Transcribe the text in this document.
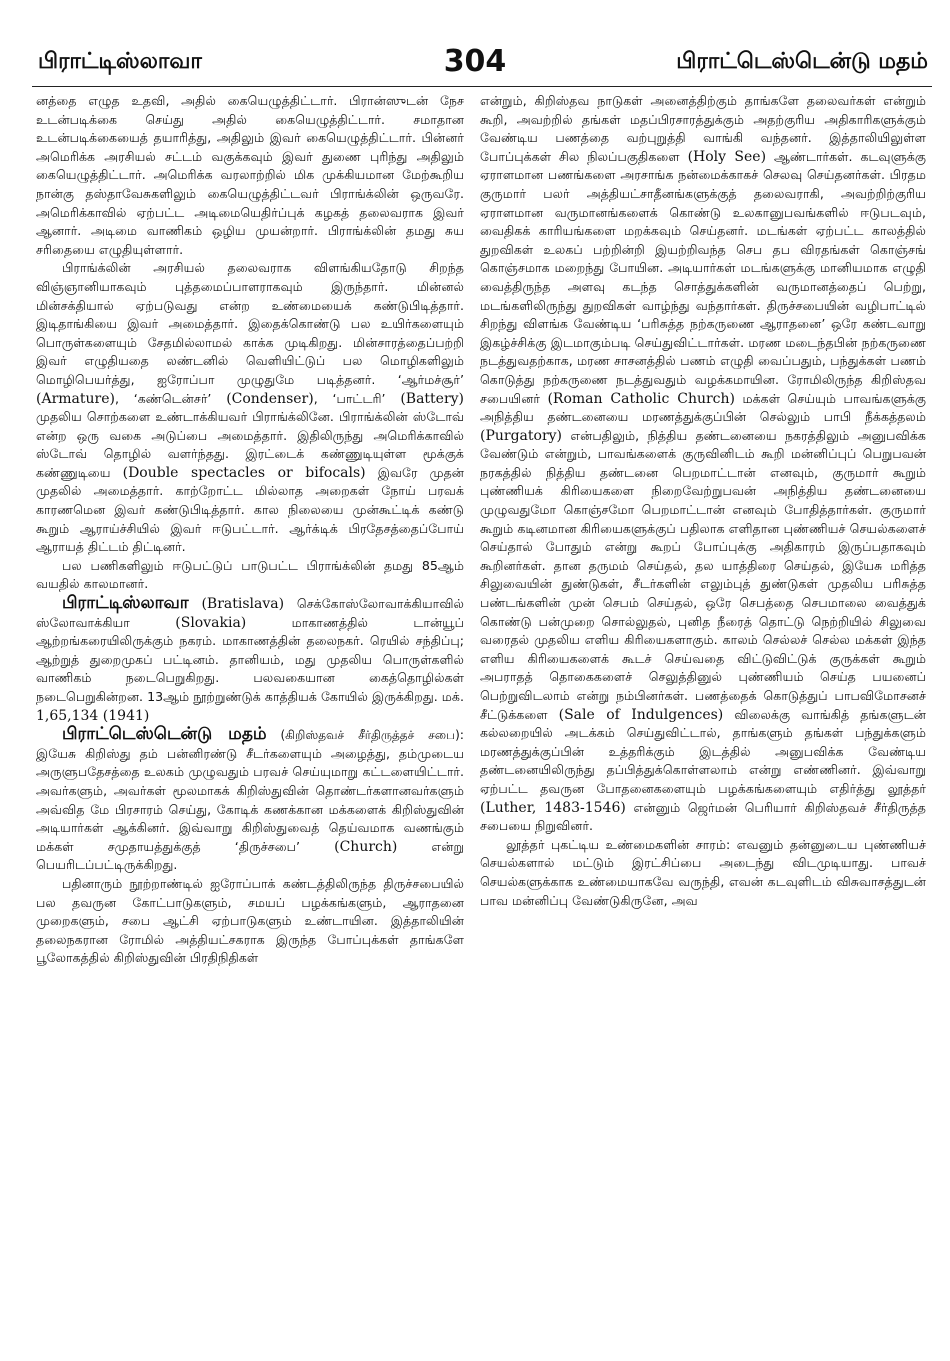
பிராட்டிஸ்லாவா	304	பிராட்டெஸ்டென்டு மதம்

னத்தை எழுத உதவி, அதில் கையெழுத்திட்டார். பிரான்ஸுடன் நேச உடன்படிக்கை செய்து அதில் கையெழுத்திட்டார். சமாதான உடன்படிக்கையைத் தயாரித்து, அதிலும் இவர் கையெழுத்திட்டார். பின்னர் அமெரிக்க அரசியல் சட்டம் வகுக்கவும் இவர் துணை புரிந்து அதிலும் கையெழுத்திட்டார். அமெரிக்க வரலாற்றில் மிக முக்கியமான மேற்கூறிய நான்கு தஸ்தாவேசுகளிலும் கையெழுத்திட்டவர் பிராங்க்லின் ஒருவரே. அமெரிக்காவில் ஏற்பட்ட அடிமையெதிர்ப்புக் கழகத் தலைவராக இவர் ஆனார். அடிமை வாணிகம் ஒழிய முயன்றார். பிராங்க்லின் தமது சுய சரிதையை எழுதியுள்ளார்.

பிராங்க்லின் அரசியல் தலைவராக விளங்கியதோடு சிறந்த விஞ்ஞானியாகவும் புத்தமைப்பாளராகவும் இருந்தார். மின்னல் மின்சக்தியால் ஏற்படுவது என்ற உண்மையைக் கண்டுபிடித்தார். இடிதாங்கியை இவர் அமைத்தார். இதைக்கொண்டு பல உயிர்களையும் பொருள்களையும் சேதமில்லாமல் காக்க முடிகிறது. மின்சாரத்தைப்பற்றி இவர் எழுதியதை லண்டனில் வெளியிட்டுப் பல மொழிகளிலும் மொழிபெயர்த்து, ஐரோப்பா முழுதுமே படித்தனர். ‘ஆர்மச்சூர்’ (Armature), ‘கண்டென்சர்’ (Condenser), ‘பாட்டரி’ (Battery) முதலிய சொற்களை உண்டாக்கியவர் பிராங்க்லினே. பிராங்க்லின் ஸ்டோவ் என்ற ஒரு வகை அடுப்பை அமைத்தார். இதிலிருந்து அமெரிக்காவில் ஸ்டோவ் தொழில் வளர்ந்தது. இரட்டைக் கண்ணுடியுள்ள மூக்குக் கண்ணுடியை (Double spectacles or bifocals) இவரே முதன் முதலில் அமைத்தார். காற்றோட்ட மில்லாத அறைகள் நோய் பரவக் காரணமென இவர் கண்டுபிடித்தார். கால நிலையை முன்கூட்டிக் கண்டு கூறும் ஆராய்ச்சியில் இவர் ஈடுபட்டார். ஆர்க்டிக் பிரதேசத்தைப்போய் ஆராயத் திட்டம் திட்டினர்.

பல பணிகளிலும் ஈடுபட்டுப் பாடுபட்ட பிராங்க்லின் தமது 85ஆம் வயதில் காலமானர்.

பிராட்டிஸ்லாவா (Bratislava) செக்கோஸ்லோவாக்கியாவில் ஸ்லோவாக்கியா (Slovakia) மாகாணத்தில் டான்யூப் ஆற்றங்கரையிலிருக்கும் நகரம். மாகாணத்தின் தலைநகர். ரெயில் சந்திப்பு; ஆற்றுத் துறைமுகப் பட்டினம். தானியம், மது முதலிய பொருள்களில் வாணிகம் நடைபெறுகிறது. பலவகையான கைத்தொழில்கள் நடைபெறுகின்றன. 13ஆம் நூற்றுண்டுக் காத்தியக் கோயில் இருக்கிறது. மக். 1,65,134 (1941)

பிராட்டெஸ்டென்டு மதம் (கிறிஸ்தவச் சீர்திருத்தச் சபை): இயேசு கிறிஸ்து தம் பன்னிரண்டு சீடர்களையும் அழைத்து, தம்முடைய அருளுபதேசத்தை உலகம் முழுவதும் பரவச் செய்யுமாறு கட்டளையிட்டார். அவர்களும், அவர்கள் மூலமாகக் கிறிஸ்துவின் தொண்டர்களானவர்களும் அவ்வித மே பிரசாரம் செய்து, கோடிக் கணக்கான மக்களைக் கிறிஸ்துவின் அடியார்கள் ஆக்கினர். இவ்வாறு கிறிஸ்துவைத் தெய்வமாக வணங்கும் மக்கள் சமுதாயத்துக்குத் ‘திருச்சபை’ (Church) என்று பெயரிடப்பட்டிருக்கிறது.

பதினாரும் நூற்றாண்டில் ஐரோப்பாக் கண்டத்திலிருந்த திருச்சபையில் பல தவருன கோட்பாடுகளும், சமயப் பழக்கங்களும், ஆராதனை முறைகளும், சபை ஆட்சி ஏற்பாடுகளும் உண்டாயின. இத்தாலியின் தலைநகரான ரோமில் அத்தியட்சகராக இருந்த போப்புக்கள் தாங்களே பூலோகத்தில் கிறிஸ்துவின் பிரதிநிதிகள்

என்றும், கிறிஸ்தவ நாடுகள் அனைத்திற்கும் தாங்களே தலைவர்கள் என்றும் கூறி, அவற்றில் தங்கள் மதப்பிரசாரத்துக்கும் அதற்குரிய அதிகாரிகளுக்கும் வேண்டிய பணத்தை வற்புறுத்தி வாங்கி வந்தனர். இத்தாலியிலுள்ள போப்புக்கள் சில நிலப்பகுதிகளை (Holy See) ஆண்டார்கள். கடவுளுக்கு ஏராளமான பணங்களை அரசாங்க நன்மைக்காகச் செலவு செய்தனர்கள். பிரதம குருமார் பலர் அத்தியட்சாதீனங்களுக்குத் தலைவராகி, அவற்றிற்குரிய ஏராளமான வருமானங்களைக் கொண்டு உலகானுபவங்களில் ஈடுபடவும், வைதிகக் காரியங்களை மறக்கவும் செய்தனர். மடங்கள் ஏற்பட்ட காலத்தில் துறவிகள் உலகப் பற்றின்றி இயற்றிவந்த செப தப விரதங்கள் கொஞ்சங் கொஞ்சமாக மறைந்து போயின. அடியார்கள் மடங்களுக்கு மானியமாக எழுதி வைத்திருந்த அளவு கடந்த சொத்துக்களின் வருமானத்தைப் பெற்று, மடங்களிலிருந்து துறவிகள் வாழ்ந்து வந்தார்கள். திருச்சபையின் வழிபாட்டில் சிறந்து விளங்க வேண்டிய ‘பரிசுத்த நற்கருணை ஆராதனை’ ஒரே கண்டவாறு இகழ்ச்சிக்கு இடமாகும்படி செய்துவிட்டார்கள். மரண மடைந்தபின் நற்கருணை நடத்துவதற்காக, மரண சாசனத்தில் பணம் எழுதி வைப்பதும், பந்துக்கள் பணம் கொடுத்து நற்கருணை நடத்துவதும் வழக்கமாயின. ரோமிலிருந்த கிறிஸ்தவ சபையினர் (Roman Catholic Church) மக்கள் செய்யும் பாவங்களுக்கு அநித்திய தண்டனையை மரணத்துக்குப்பின் செல்லும் பாபி நீக்கத்தலம் (Purgatory) என்பதிலும், நித்திய தண்டனையை நகரத்திலும் அனுபவிக்க வேண்டும் என்றும், பாவங்களைக் குருவினிடம் கூறி மன்னிப்புப் பெறுபவன் நரகத்தில் நித்திய தண்டனை பெறமாட்டான் எனவும், குருமார் கூறும் புண்ணியக் கிரியைகளை நிறைவேற்றுபவன் அநித்திய தண்டனையை முழுவதுமோ கொஞ்சமோ பெறமாட்டான் எனவும் போதித்தார்கள். குருமார் கூறும் கடினமான கிரியைகளுக்குப் பதிலாக எளிதான புண்ணியச் செயல்களைச் செய்தால் போதும் என்று கூறப் போப்புக்கு அதிகாரம் இருப்பதாகவும் கூறினர்கள். தான தருமம் செய்தல், தல யாத்திரை செய்தல், இயேசு மரித்த சிலுவையின் துண்டுகள், சீடர்களின் எலும்புத் துண்டுகள் முதலிய பரிசுத்த பண்டங்களின் முன் செபம் செய்தல், ஒரே செபத்தை செபமாலை வைத்துக் கொண்டு பன்முறை சொல்லுதல், புனித நீரைத் தொட்டு நெற்றியில் சிலுவை வரைதல் முதலிய எளிய கிரியைகளாகும். காலம் செல்லச் செல்ல மக்கள் இந்த எளிய கிரியைகளைக் கூடச் செய்வதை விட்டுவிட்டுக் குருக்கள் கூறும் அபராதத் தொகைகளைச் செலுத்தினுல் புண்ணியம் செய்த பயனைப் பெற்றுவிடலாம் என்று நம்பினர்கள். பணத்தைக் கொடுத்துப் பாபவிமோசனச் சீட்டுக்களை (Sale of Indulgences) விலைக்கு வாங்கித் தங்களுடன் கல்லறையில் அடக்கம் செய்துவிட்டால், தாங்களும் தங்கள் பந்துக்களும் மரணத்துக்குப்பின் உத்தரிக்கும் இடத்தில் அனுபவிக்க வேண்டிய தண்டனையிலிருந்து தப்பித்துக்கொள்ளலாம் என்று எண்ணினர். இவ்வாறு ஏற்பட்ட தவருன போதனைகளையும் பழக்கங்களையும் எதிர்த்து லூத்தர் (Luther, 1483-1546) என்னும் ஜெர்மன் பெரியார் கிறிஸ்தவச் சீர்திருத்த சபையை நிறுவினர்.

லூத்தர் புகட்டிய உண்மைகளின் சாரம்: எவனும் தன்னுடைய புண்ணியச் செயல்களால் மட்டும் இரட்சிப்பை அடைந்து விடமுடியாது. பாவச் செயல்களுக்காக உண்மையாகவே வருந்தி, எவன் கடவுளிடம் விசுவாசத்துடன் பாவ மன்னிப்பு வேண்டுகிருனே, அவ
